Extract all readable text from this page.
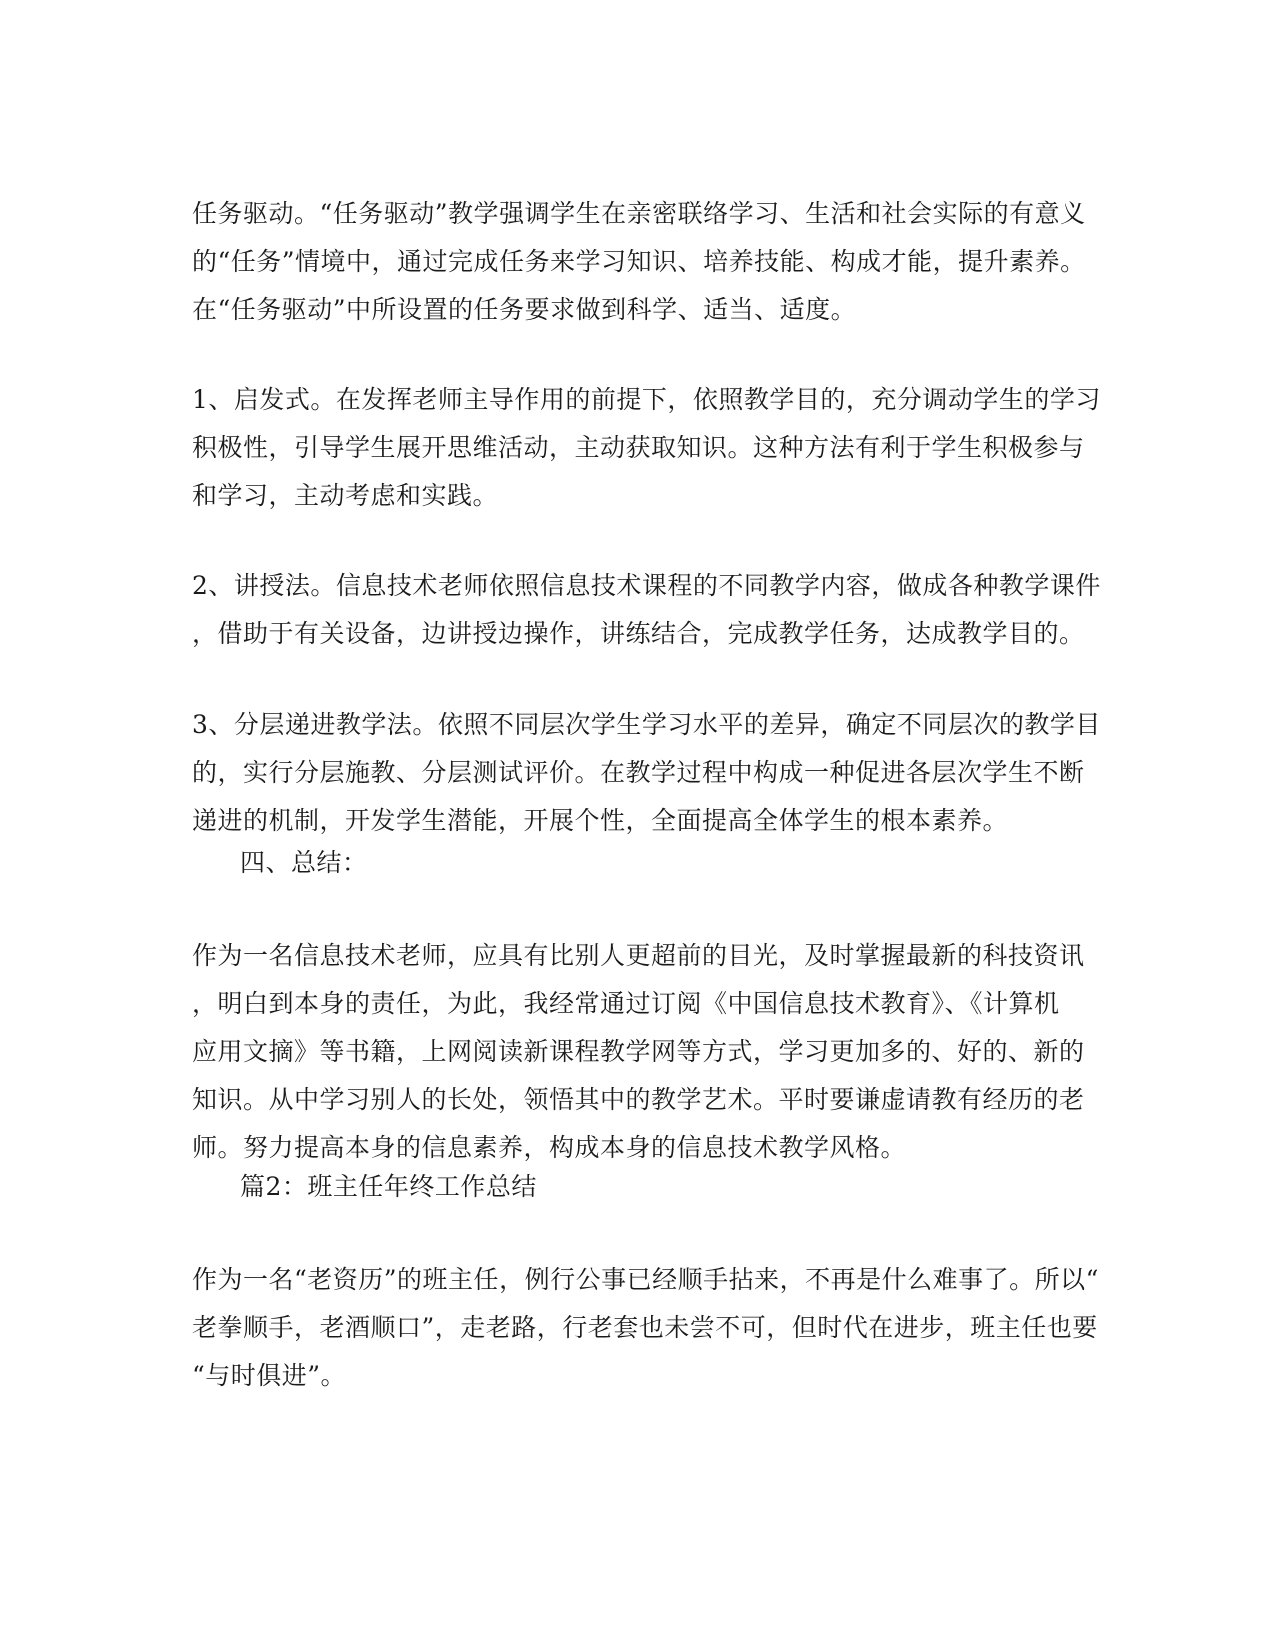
任务驱动。“任务驱动”教学强调学生在亲密联络学习、生活和社会实际的有意义
的“任务”情境中，通过完成任务来学习知识、培养技能、构成才能，提升素养。
在“任务驱动”中所设置的任务要求做到科学、适当、适度。
1、启发式。在发挥老师主导作用的前提下，依照教学目的，充分调动学生的学习
积极性，引导学生展开思维活动，主动获取知识。这种方法有利于学生积极参与
和学习，主动考虑和实践。
2、讲授法。信息技术老师依照信息技术课程的不同教学内容，做成各种教学课件
，借助于有关设备，边讲授边操作，讲练结合，完成教学任务，达成教学目的。
3、分层递进教学法。依照不同层次学生学习水平的差异，确定不同层次的教学目
的，实行分层施教、分层测试评价。在教学过程中构成一种促进各层次学生不断
递进的机制，开发学生潜能，开展个性，全面提高全体学生的根本素养。
四、总结：
作为一名信息技术老师，应具有比别人更超前的目光，及时掌握最新的科技资讯
，明白到本身的责任，为此，我经常通过订阅《中国信息技术教育》、《计算机
应用文摘》等书籍，上网阅读新课程教学网等方式，学习更加多的、好的、新的
知识。从中学习别人的长处，领悟其中的教学艺术。平时要谦虚请教有经历的老
师。努力提高本身的信息素养，构成本身的信息技术教学风格。
篇2：班主任年终工作总结
作为一名“老资历”的班主任，例行公事已经顺手拈来，不再是什么难事了。所以“
老拳顺手，老酒顺口”，走老路，行老套也未尝不可，但时代在进步，班主任也要
“与时俱进”。
